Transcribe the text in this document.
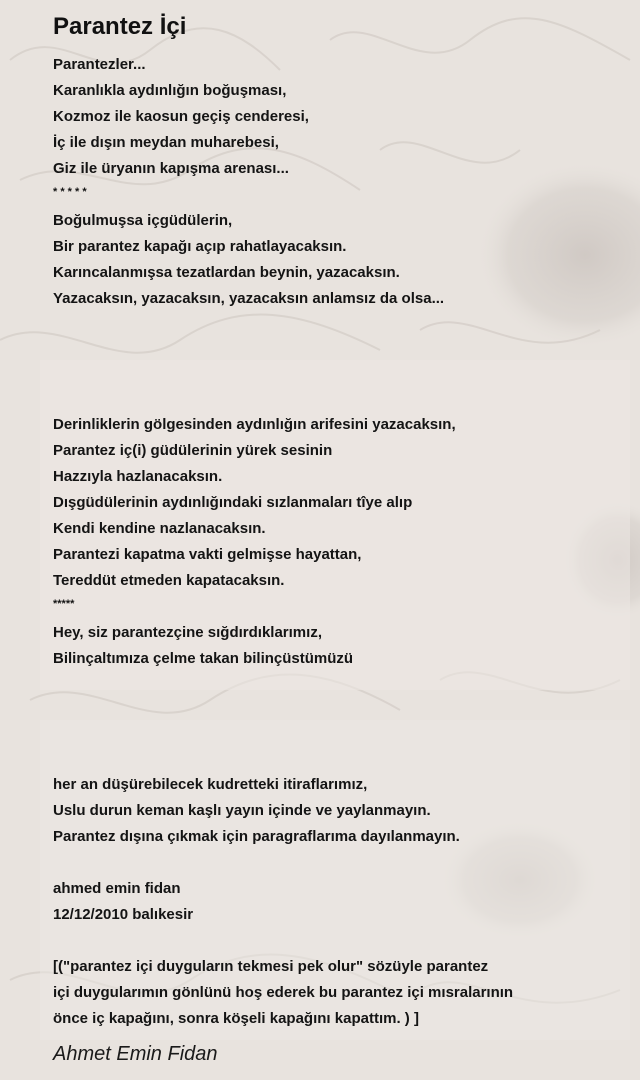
Parantez İçi
Parantezler...
Karanlıkla aydınlığın boğuşması,
Kozmoz ile kaosun geçiş cenderesi,
İç ile dışın meydan muharebesi,
Giz ile üryanın kapışma arenası...
* * * * *
Boğulmuşsa içgüdülerin,
Bir parantez kapağı açıp rahatlayacaksın.
Karıncalanmışsa tezatlardan beynin, yazacaksın.
Yazacaksın, yazacaksın, yazacaksın anlamsız da olsa...
Derinliklerin gölgesinden aydınlığın arifesini yazacaksın,
Parantez iç(i) güdülerinin yürek sesinin
Hazzıyla hazlanacaksın.
Dışgüdülerinin aydınlığındaki sızlanmaları tîye alıp
Kendi kendine nazlanacaksın.
Parantezi kapatma vakti gelmişse hayattan,
Tereddüt etmeden kapatacaksın.
*****
Hey, siz parantezçine sığdırdıklarımız,
Bilinçaltımıza çelme takan bilinçüstümüzü
her an düşürebilecek kudretteki itiraflarımız,
Uslu durun keman kaşlı yayın içinde ve yaylanmayın.
Parantez dışına çıkmak için paragraflarıma dayılanmayın.
ahmed emin fidan
12/12/2010 balıkesir
[("parantez içi duyguların tekmesi pek olur" sözüyle parantez
içi duygularımın gönlünü hoş ederek bu parantez içi mısralarının
önce iç kapağını, sonra köşeli kapağını kapattım. ) ]
Ahmet Emin Fidan
